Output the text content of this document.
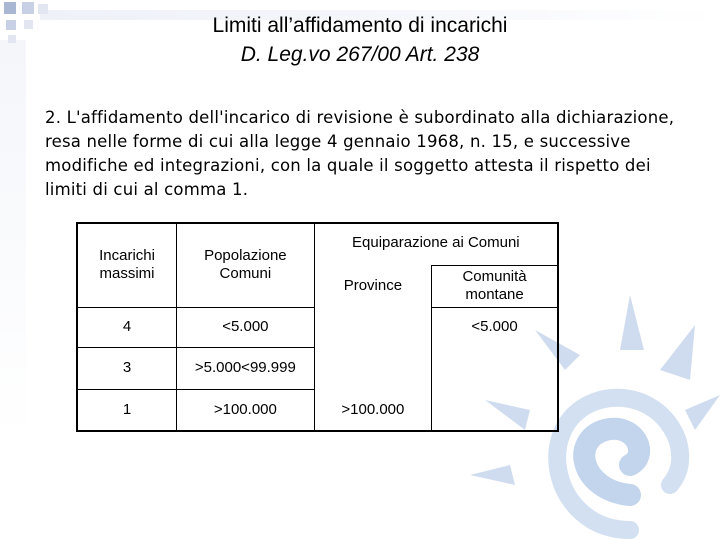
Limiti all’affidamento di incarichi
D. Leg.vo 267/00 Art. 238
2. L'affidamento dell'incarico di revisione è subordinato alla dichiarazione, resa nelle forme di cui alla legge 4 gennaio 1968, n. 15, e successive modifiche ed integrazioni, con la quale il soggetto attesta il rispetto dei limiti di cui al comma 1.
Incarichi massimi	Popolazione Comuni	Equiparazione ai Comuni	
		Province	Comunità montane
4	<5.000		<5.000
3	>5.000<99.999		
1	>100.000	>100.000	
